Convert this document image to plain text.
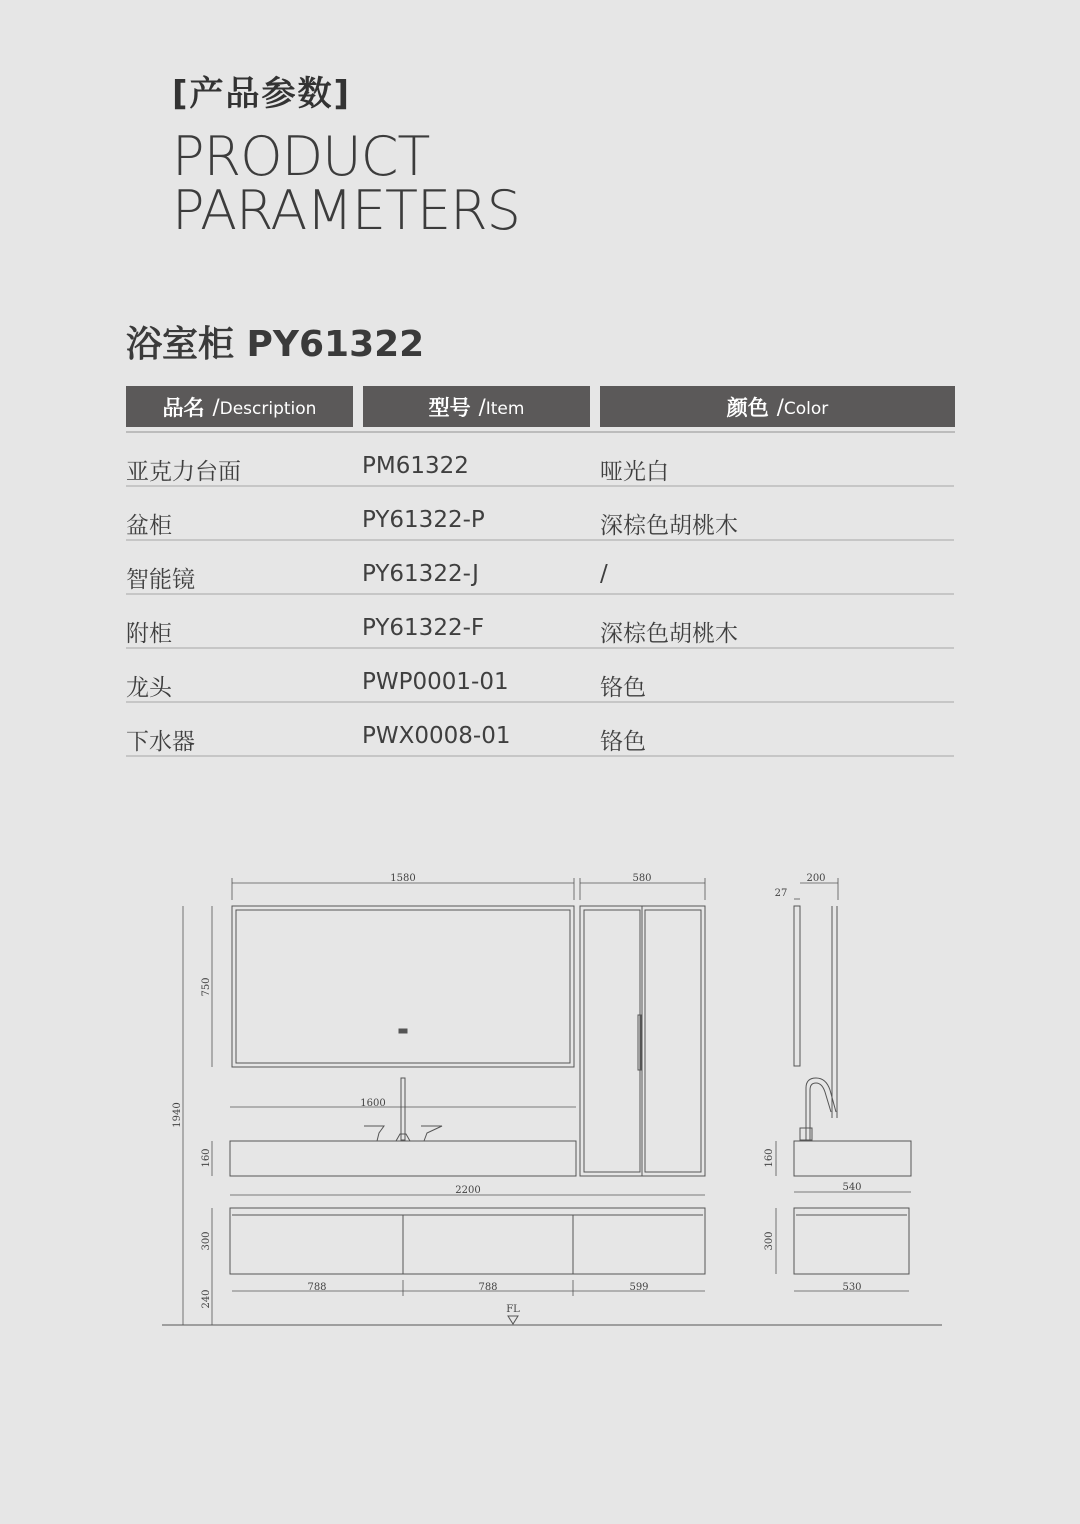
[产品参数]
PRODUCT
PARAMETERS
浴室柜 PY61322
品名 / Description	型号 / Item	颜色 / Color
亚克力台面	PM61322	哑光白
盆柜	PY61322-P	深棕色胡桃木
智能镜	PY61322-J	/
附柜	PY61322-F	深棕色胡桃木
龙头	PWP0001-01	铬色
下水器	PWX0008-01	铬色
1580	580	200
27
750
1940	1600
160
2200
300
240
788	788	599
160
540
300
530
FL
